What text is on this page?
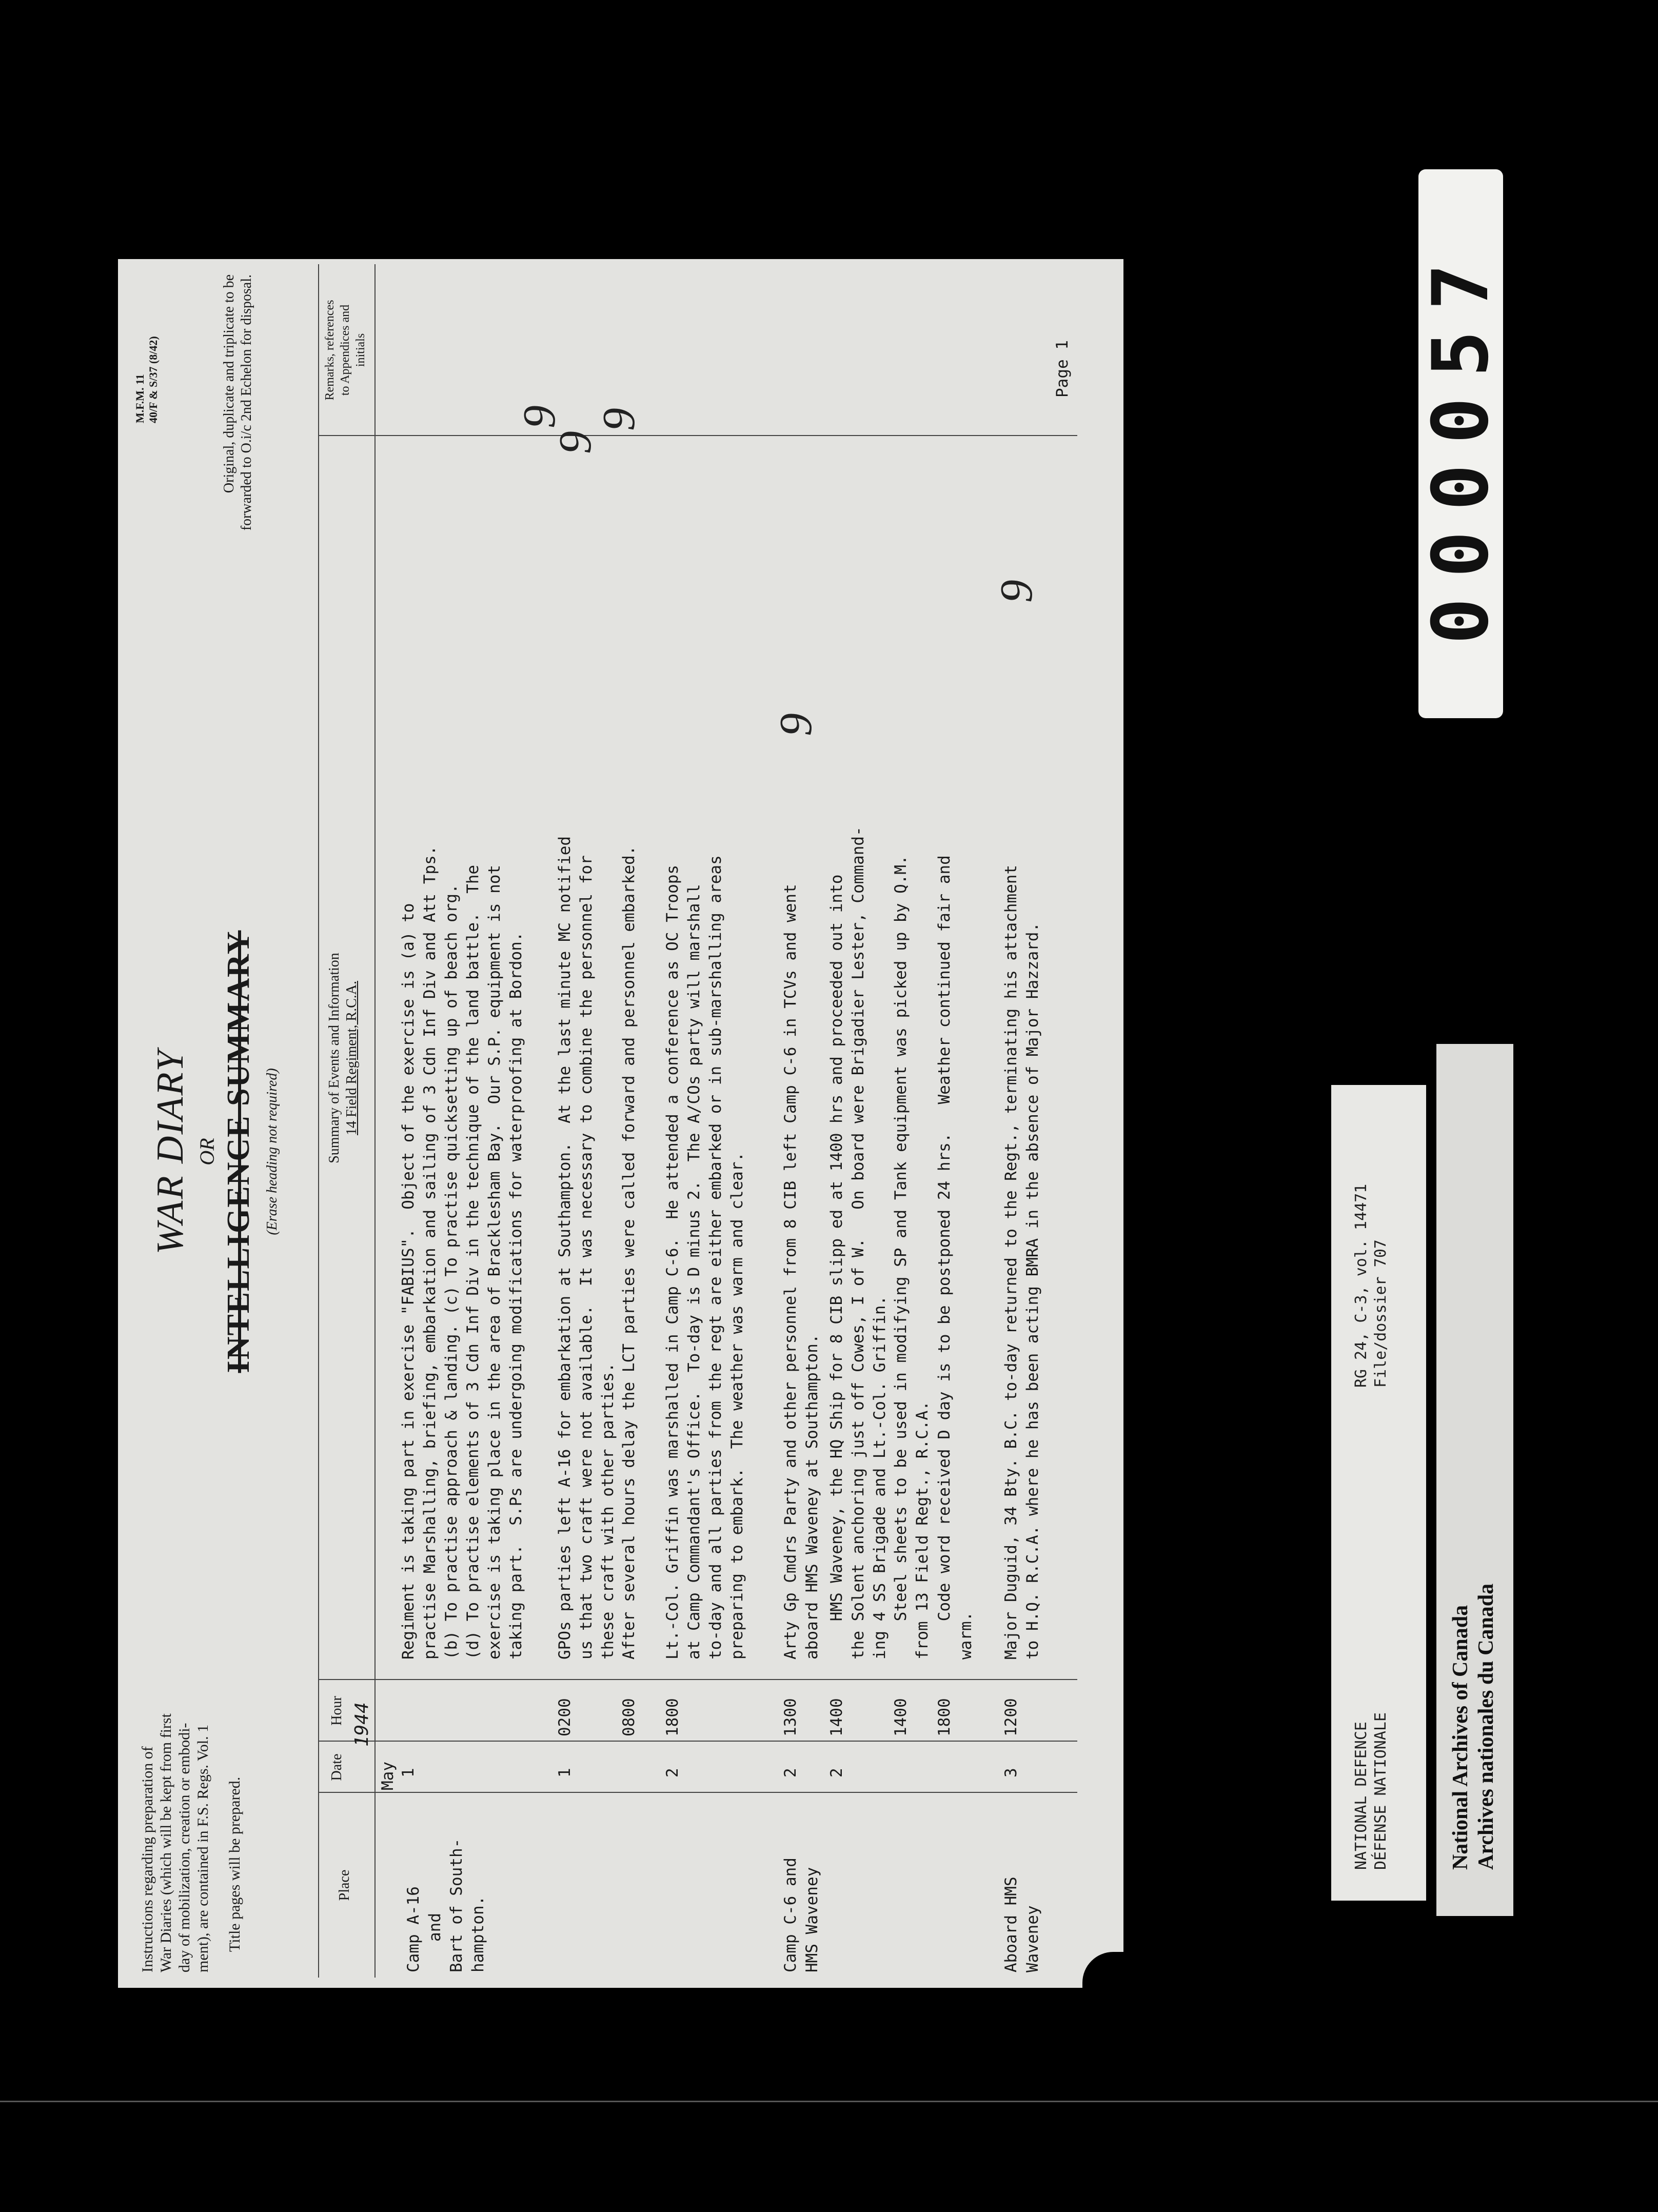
M.F.M. 11 40/F & S/37 (8/42)
Instructions regarding preparation of War Diaries (which will be kept from first day of mobilization, creation or embodi- ment), are contained in F.S. Regs. Vol. 1 Title pages will be prepared.
WAR DIARY OR INTELLIGENCE SUMMARY (Erase heading not required)
Original, duplicate and triplicate to be forwarded to O.i/c 2nd Echelon for disposal.
Place
Date
Hour
Summary of Events and Information 14 Field Regiment, R.C.A.
Remarks, references to Appendices and initials
1944
May
Camp A-16 and Bart of South- hampton.
1
Regiment is taking part in exercise "FABIUS".  Object of the exercise is (a) to practise Marshalling, briefing, embarkation and sailing of 3 Cdn Inf Div and Att Tps. (b) To practise approach & landing. (c) To practise quicksetting up of beach org. (d) To practise elements of 3 Cdn Inf Div in the technique of the land battle.  The exercise is taking place in the area of Bracklesham Bay.  Our S.P. equipment is not taking part.  S.Ps are undergoing modifications for waterproofing at Bordon.
9
1
0200
GPOs parties left A-16 for embarkation at Southampton.  At the last minute MC notified us that two craft were not available.  It was necessary to combine the personnel for these craft with other parties.
9
0800
After several hours delay the LCT parties were called forward and personnel embarked.
9
2
1800
Lt.-Col. Griffin was marshalled in Camp C-6.  He attended a conference as OC Troops at Camp Commandant's Office.  To-day is D minus 2.  The A/COs party will marshall to-day and all parties from the regt are either embarked or in sub-marshalling areas preparing to embark.  The weather was warm and clear.
Camp C-6 and HMS Waveney
2
1300
Arty Gp Cmdrs Party and other personnel from 8 CIB left Camp C-6 in TCVs and went aboard HMS Waveney at Southampton.
9
2
1400
HMS Waveney, the HQ Ship for 8 CIB slipp ed at 1400 hrs and proceeded out into the Solent anchoring just off Cowes, I of W.   On board were Brigadier Lester, Command- ing 4 SS Brigade and Lt.-Col. Griffin.
1400
Steel sheets to be used in modifying SP and Tank equipment was picked up by Q.M. from 13 Field Regt., R.C.A.
1800
Code word received D day is to be postponed 24 hrs.   Weather continued fair and warm.
Aboard HMS Waveney
3
1200
Major Duguid, 34 Bty. B.C. to-day returned to the Regt., terminating his attachment to H.Q. R.C.A. where he has been acting BMRA in the absence of Major Hazzard.
9
Page 1	000057
NATIONAL DEFENCE DÉFENSE NATIONALE
RG 24, C-3, vol. 14471 File/dossier 707
National Archives of Canada Archives nationales du Canada
